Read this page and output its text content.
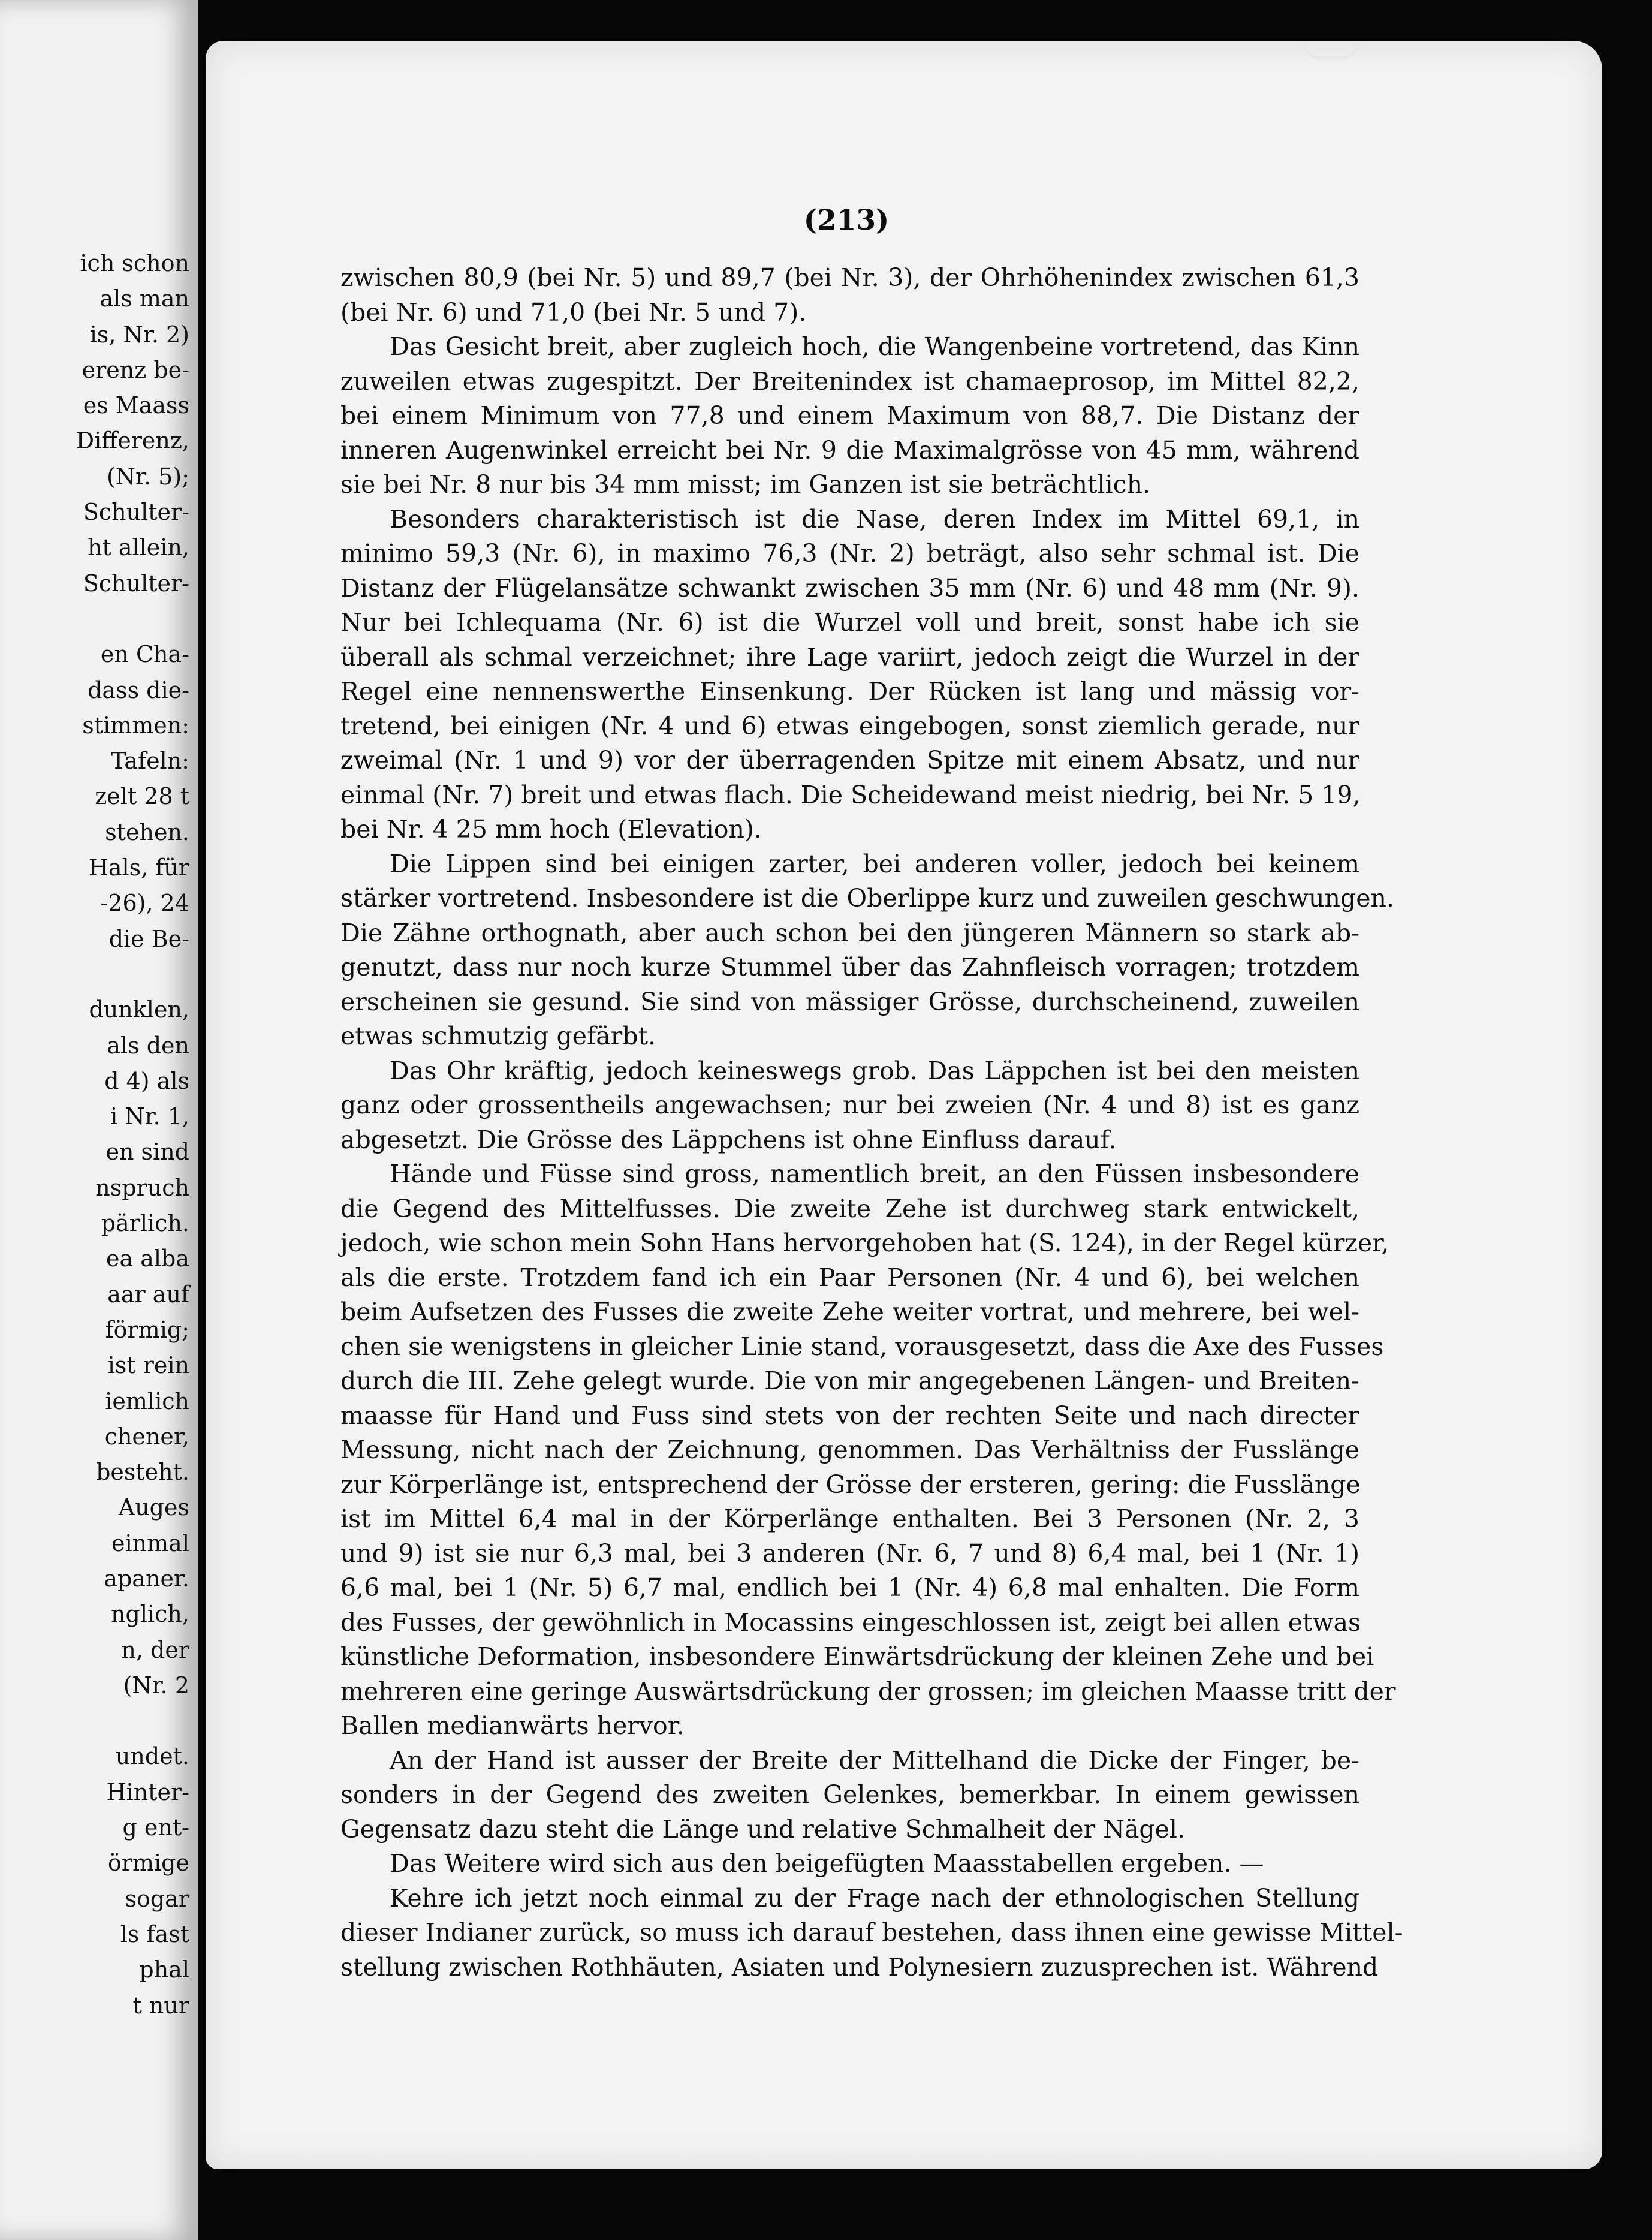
ich schon
als man
is, Nr. 2)
erenz be-
es Maass
Differenz,
(Nr. 5);
Schulter-
ht allein,
Schulter-
en Cha-
dass die-
stimmen:
Tafeln:
zelt 28 t
stehen.
Hals, für
-26), 24
die Be-
dunklen,
als den
d 4) als
i Nr. 1,
en sind
nspruch
pärlich.
ea alba
aar auf
förmig;
ist rein
iemlich
chener,
besteht.
Auges
einmal
apaner.
nglich,
n, der
(Nr. 2
undet.
Hinter-
g ent-
örmige
sogar
ls fast
phal
t nur
(213)
zwischen 80,9 (bei Nr. 5) und 89,7 (bei Nr. 3), der Ohrhöhenindex zwischen 61,3
(bei Nr. 6) und 71,0 (bei Nr. 5 und 7).
Das Gesicht breit, aber zugleich hoch, die Wangenbeine vortretend, das Kinn
zuweilen etwas zugespitzt. Der Breitenindex ist chamaeprosop, im Mittel 82,2,
bei einem Minimum von 77,8 und einem Maximum von 88,7. Die Distanz der
inneren Augenwinkel erreicht bei Nr. 9 die Maximalgrösse von 45 mm, während
sie bei Nr. 8 nur bis 34 mm misst; im Ganzen ist sie beträchtlich.
Besonders charakteristisch ist die Nase, deren Index im Mittel 69,1, in
minimo 59,3 (Nr. 6), in maximo 76,3 (Nr. 2) beträgt, also sehr schmal ist. Die
Distanz der Flügelansätze schwankt zwischen 35 mm (Nr. 6) und 48 mm (Nr. 9).
Nur bei Ichlequama (Nr. 6) ist die Wurzel voll und breit, sonst habe ich sie
überall als schmal verzeichnet; ihre Lage variirt, jedoch zeigt die Wurzel in der
Regel eine nennenswerthe Einsenkung. Der Rücken ist lang und mässig vor-
tretend, bei einigen (Nr. 4 und 6) etwas eingebogen, sonst ziemlich gerade, nur
zweimal (Nr. 1 und 9) vor der überragenden Spitze mit einem Absatz, und nur
einmal (Nr. 7) breit und etwas flach. Die Scheidewand meist niedrig, bei Nr. 5 19,
bei Nr. 4 25 mm hoch (Elevation).
Die Lippen sind bei einigen zarter, bei anderen voller, jedoch bei keinem
stärker vortretend. Insbesondere ist die Oberlippe kurz und zuweilen geschwungen.
Die Zähne orthognath, aber auch schon bei den jüngeren Männern so stark ab-
genutzt, dass nur noch kurze Stummel über das Zahnfleisch vorragen; trotzdem
erscheinen sie gesund. Sie sind von mässiger Grösse, durchscheinend, zuweilen
etwas schmutzig gefärbt.
Das Ohr kräftig, jedoch keineswegs grob. Das Läppchen ist bei den meisten
ganz oder grossentheils angewachsen; nur bei zweien (Nr. 4 und 8) ist es ganz
abgesetzt. Die Grösse des Läppchens ist ohne Einfluss darauf.
Hände und Füsse sind gross, namentlich breit, an den Füssen insbesondere
die Gegend des Mittelfusses. Die zweite Zehe ist durchweg stark entwickelt,
jedoch, wie schon mein Sohn Hans hervorgehoben hat (S. 124), in der Regel kürzer,
als die erste. Trotzdem fand ich ein Paar Personen (Nr. 4 und 6), bei welchen
beim Aufsetzen des Fusses die zweite Zehe weiter vortrat, und mehrere, bei wel-
chen sie wenigstens in gleicher Linie stand, vorausgesetzt, dass die Axe des Fusses
durch die III. Zehe gelegt wurde. Die von mir angegebenen Längen- und Breiten-
maasse für Hand und Fuss sind stets von der rechten Seite und nach directer
Messung, nicht nach der Zeichnung, genommen. Das Verhältniss der Fusslänge
zur Körperlänge ist, entsprechend der Grösse der ersteren, gering: die Fusslänge
ist im Mittel 6,4 mal in der Körperlänge enthalten. Bei 3 Personen (Nr. 2, 3
und 9) ist sie nur 6,3 mal, bei 3 anderen (Nr. 6, 7 und 8) 6,4 mal, bei 1 (Nr. 1)
6,6 mal, bei 1 (Nr. 5) 6,7 mal, endlich bei 1 (Nr. 4) 6,8 mal enhalten. Die Form
des Fusses, der gewöhnlich in Mocassins eingeschlossen ist, zeigt bei allen etwas
künstliche Deformation, insbesondere Einwärtsdrückung der kleinen Zehe und bei
mehreren eine geringe Auswärtsdrückung der grossen; im gleichen Maasse tritt der
Ballen medianwärts hervor.
An der Hand ist ausser der Breite der Mittelhand die Dicke der Finger, be-
sonders in der Gegend des zweiten Gelenkes, bemerkbar. In einem gewissen
Gegensatz dazu steht die Länge und relative Schmalheit der Nägel.
Das Weitere wird sich aus den beigefügten Maasstabellen ergeben. —
Kehre ich jetzt noch einmal zu der Frage nach der ethnologischen Stellung
dieser Indianer zurück, so muss ich darauf bestehen, dass ihnen eine gewisse Mittel-
stellung zwischen Rothhäuten, Asiaten und Polynesiern zuzusprechen ist. Während
